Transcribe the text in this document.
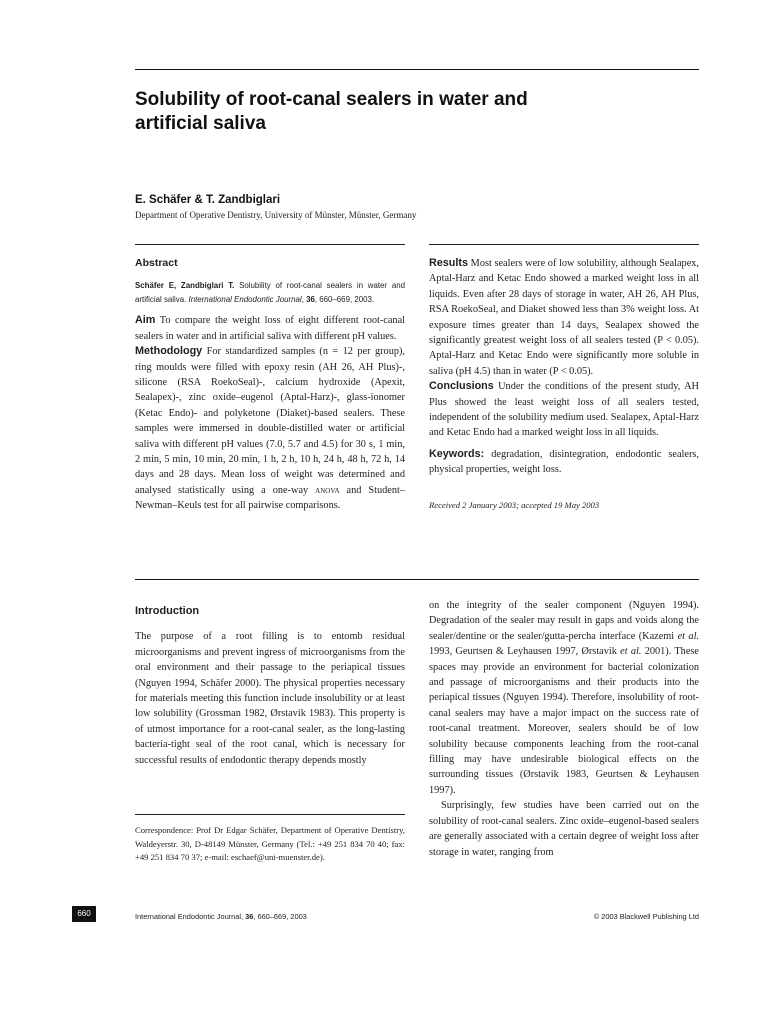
Solubility of root-canal sealers in water and
artificial saliva
E. Schäfer & T. Zandbiglari
Department of Operative Dentistry, University of Münster, Münster, Germany

Abstract

Schäfer E, Zandbiglari T. Solubility of root-canal sealers in water and artificial saliva. International Endodontic Journal, 36, 660–669, 2003.

Aim To compare the weight loss of eight different root-canal sealers in water and in artificial saliva with different pH values.

Methodology For standardized samples (n = 12 per group), ring moulds were filled with epoxy resin (AH 26, AH Plus)-, silicone (RSA RoekoSeal)-, calcium hydroxide (Apexit, Sealapex)-, zinc oxide–eugenol (Aptal-Harz)-, glass-ionomer (Ketac Endo)- and polyketone (Diaket)-based sealers. These samples were immersed in double-distilled water or artificial saliva with different pH values (7.0, 5.7 and 4.5) for 30 s, 1 min, 2 min, 5 min, 10 min, 20 min, 1 h, 2 h, 10 h, 24 h, 48 h, 72 h, 14 days and 28 days. Mean loss of weight was determined and analysed statistically using a one-way anova and Student–Newman–Keuls test for all pairwise comparisons.

Results Most sealers were of low solubility, although Sealapex, Aptal-Harz and Ketac Endo showed a marked weight loss in all liquids. Even after 28 days of storage in water, AH 26, AH Plus, RSA RoekoSeal, and Diaket showed less than 3% weight loss. At exposure times greater than 14 days, Sealapex showed the significantly greatest weight loss of all sealers tested (P < 0.05). Aptal-Harz and Ketac Endo were significantly more soluble in saliva (pH 4.5) than in water (P < 0.05).

Conclusions Under the conditions of the present study, AH Plus showed the least weight loss of all sealers tested, independent of the solubility medium used. Sealapex, Aptal-Harz and Ketac Endo had a marked weight loss in all liquids.

Keywords: degradation, disintegration, endodontic sealers, physical properties, weight loss.

Received 2 January 2003; accepted 19 May 2003

Introduction

The purpose of a root filling is to entomb residual microorganisms and prevent ingress of microorganisms from the oral environment and their passage to the periapical tissues (Nguyen 1994, Schäfer 2000). The physical properties necessary for materials meeting this function include insolubility or at least low solubility (Grossman 1982, Ørstavik 1983). This property is of utmost importance for a root-canal sealer, as the long-lasting bacteria-tight seal of the root canal, which is necessary for successful results of endodontic therapy depends mostly

Correspondence: Prof Dr Edgar Schäfer, Department of Operative Dentistry, Waldeyerstr. 30, D-48149 Münster, Germany (Tel.: +49 251 834 70 40; fax: +49 251 834 70 37; e-mail: eschaef@uni-muenster.de).

on the integrity of the sealer component (Nguyen 1994). Degradation of the sealer may result in gaps and voids along the sealer/dentine or the sealer/gutta-percha interface (Kazemi et al. 1993, Geurtsen & Leyhausen 1997, Ørstavik et al. 2001). These spaces may provide an environment for bacterial colonization and passage of microorganisms and their products into the periapical tissues (Nguyen 1994). Therefore, insolubility of root-canal sealers may have a major impact on the success rate of root-canal treatment. Moreover, sealers should be of low solubility because components leaching from the root-canal filling may have undesirable biological effects on the surrounding tissues (Ørstavik 1983, Geurtsen & Leyhausen 1997).

Surprisingly, few studies have been carried out on the solubility of root-canal sealers. Zinc oxide–eugenol-based sealers are generally associated with a certain degree of weight loss after storage in water, ranging from

660	International Endodontic Journal, 36, 660–669, 2003	© 2003 Blackwell Publishing Ltd
